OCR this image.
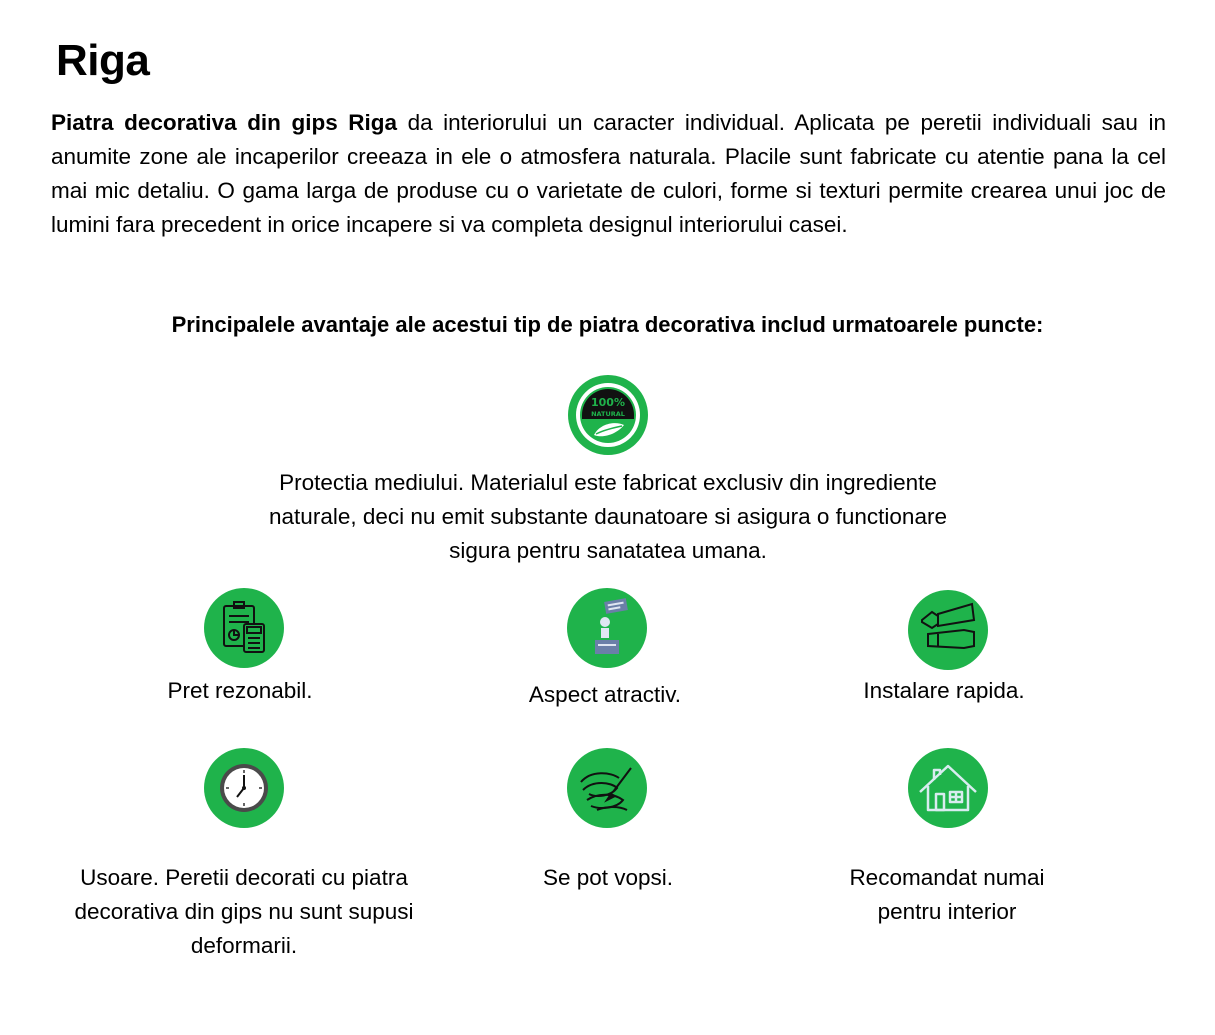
Riga
Piatra decorativa din gips Riga da interiorului un caracter individual. Aplicata pe peretii individuali sau in anumite zone ale incaperilor creeaza in ele o atmosfera naturala. Placile sunt fabricate cu atentie pana la cel mai mic detaliu. O gama larga de produse cu o varietate de culori, forme si texturi permite crearea unui joc de lumini fara precedent in orice incapere si va completa designul interiorului casei.
Principalele avantaje ale acestui tip de piatra decorativa includ urmatoarele puncte:
100%
NATURAL
Protectia mediului. Materialul este fabricat exclusiv din ingrediente naturale, deci nu emit substante daunatoare si asigura o functionare sigura pentru sanatatea umana.
Pret rezonabil.	Aspect atractiv.	Instalare rapida.
Usoare. Peretii decorati cu piatra decorativa din gips nu sunt supusi deformarii.
Se pot vopsi.	Recomandat numai pentru interior
